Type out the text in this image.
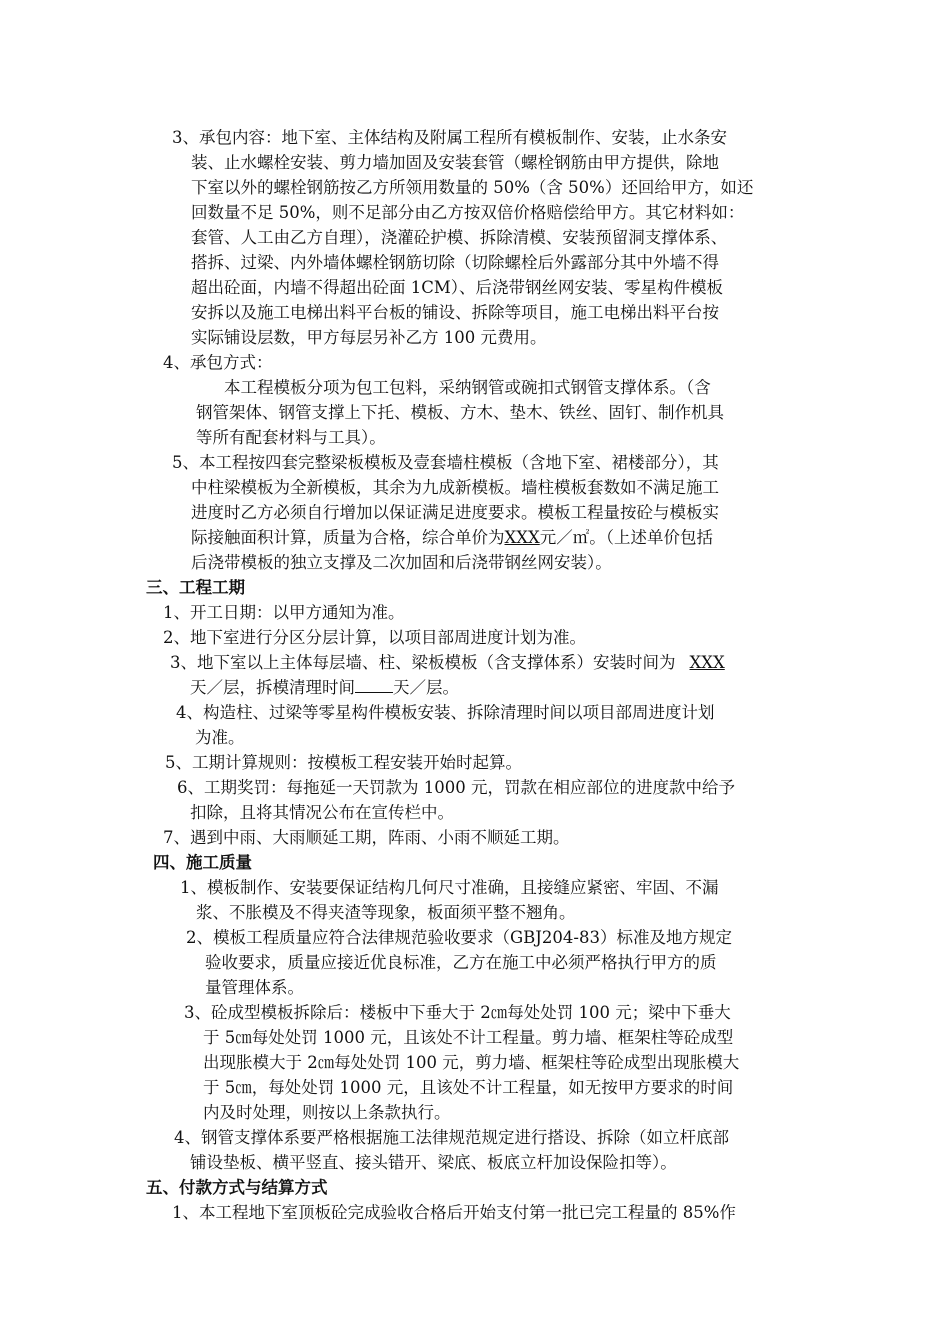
3、承包内容：地下室、主体结构及附属工程所有模板制作、安装，止水条安
装、止水螺栓安装、剪力墙加固及安装套管（螺栓钢筋由甲方提供，除地
下室以外的螺栓钢筋按乙方所领用数量的 50%（含 50%）还回给甲方，如还
回数量不足 50%，则不足部分由乙方按双倍价格赔偿给甲方。其它材料如：
套管、人工由乙方自理），浇灌砼护模、拆除清模、安装预留洞支撑体系、
搭拆、过梁、内外墙体螺栓钢筋切除（切除螺栓后外露部分其中外墙不得
超出砼面，内墙不得超出砼面 1CM）、后浇带钢丝网安装、零星构件模板
安拆以及施工电梯出料平台板的铺设、拆除等项目，施工电梯出料平台按
实际铺设层数，甲方每层另补乙方 100 元费用。
4、承包方式：
本工程模板分项为包工包料，采纳钢管或碗扣式钢管支撑体系。（含
钢管架体、钢管支撑上下托、模板、方木、垫木、铁丝、固钉、制作机具
等所有配套材料与工具）。
5、本工程按四套完整梁板模板及壹套墙柱模板（含地下室、裙楼部分），其
中柱梁模板为全新模板，其余为九成新模板。墙柱模板套数如不满足施工
进度时乙方必须自行增加以保证满足进度要求。模板工程量按砼与模板实
际接触面积计算，质量为合格，综合单价为XXX元／㎡。（上述单价包括
后浇带模板的独立支撑及二次加固和后浇带钢丝网安装）。
三、工程工期
1、开工日期：以甲方通知为准。
2、地下室进行分区分层计算，以项目部周进度计划为准。
3、地下室以上主体每层墙、柱、梁板模板（含支撑体系）安装时间为 XXX
天／层，拆模清理时间 天／层。
4、构造柱、过梁等零星构件模板安装、拆除清理时间以项目部周进度计划
为准。
5、工期计算规则：按模板工程安装开始时起算。
6、工期奖罚：每拖延一天罚款为 1000 元，罚款在相应部位的进度款中给予
扣除，且将其情况公布在宣传栏中。
7、遇到中雨、大雨顺延工期，阵雨、小雨不顺延工期。
四、施工质量
1、模板制作、安装要保证结构几何尺寸准确，且接缝应紧密、牢固、不漏
浆、不胀模及不得夹渣等现象，板面须平整不翘角。
2、模板工程质量应符合法律规范验收要求（GBJ204-83）标准及地方规定
验收要求，质量应接近优良标准，乙方在施工中必须严格执行甲方的质
量管理体系。
3、砼成型模板拆除后：楼板中下垂大于 2㎝每处处罚 100 元；梁中下垂大
于 5㎝每处处罚 1000 元，且该处不计工程量。剪力墙、框架柱等砼成型
出现胀模大于 2㎝每处处罚 100 元，剪力墙、框架柱等砼成型出现胀模大
于 5㎝，每处处罚 1000 元，且该处不计工程量，如无按甲方要求的时间
内及时处理，则按以上条款执行。
4、钢管支撑体系要严格根据施工法律规范规定进行搭设、拆除（如立杆底部
铺设垫板、横平竖直、接头错开、梁底、板底立杆加设保险扣等）。
五、付款方式与结算方式
1、本工程地下室顶板砼完成验收合格后开始支付第一批已完工程量的 85%作
